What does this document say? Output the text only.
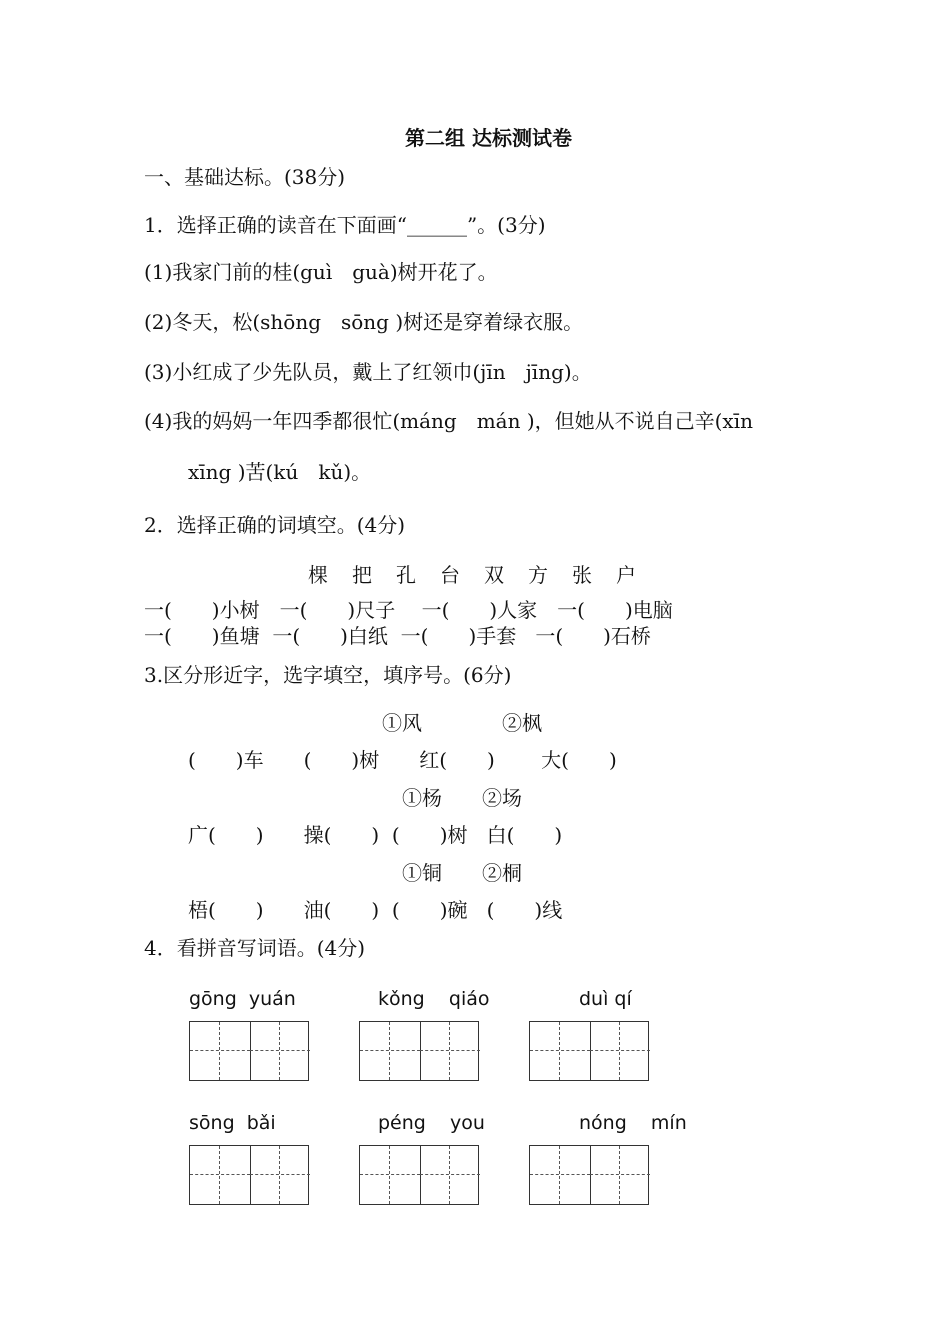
第二组 达标测试卷
一、基础达标。(38分)
1．选择正确的读音在下面画“______”。(3分)
(1)我家门前的桂(guì　guà)树开花了。
(2)冬天，松(shōng　sōng )树还是穿着绿衣服。
(3)小红成了少先队员，戴上了红领巾(jīn　jīng)。
(4)我的妈妈一年四季都很忙(máng　mán )，但她从不说自己辛(xīn
xīng )苦(kú　kǔ)。
2．选择正确的词填空。(4分)
棵　把　孔　台　双　方　张　户
一(　　)小树　一(　　)尺子　 一(　　)人家　一(　　)电脑
一(　　)鱼塘  一(　　)白纸  一(　　)手套   一(　　)石桥
3.区分形近字，选字填空，填序号。(6分)
①风　　　　②枫
(　　)车　　(　　)树　　红(　　)　　 大(　　)
①杨　　②场
广(　　)　　操(　　)  (　　)树   白(　　)
①铜　　②桐
梧(　　)　　油(　　)  (　　)碗   (　　)线
4．看拼音写词语。(4分)
gōng  yuán	kǒng    qiáo	duì qí
sōng  bǎi	péng    you	nóng    mín
